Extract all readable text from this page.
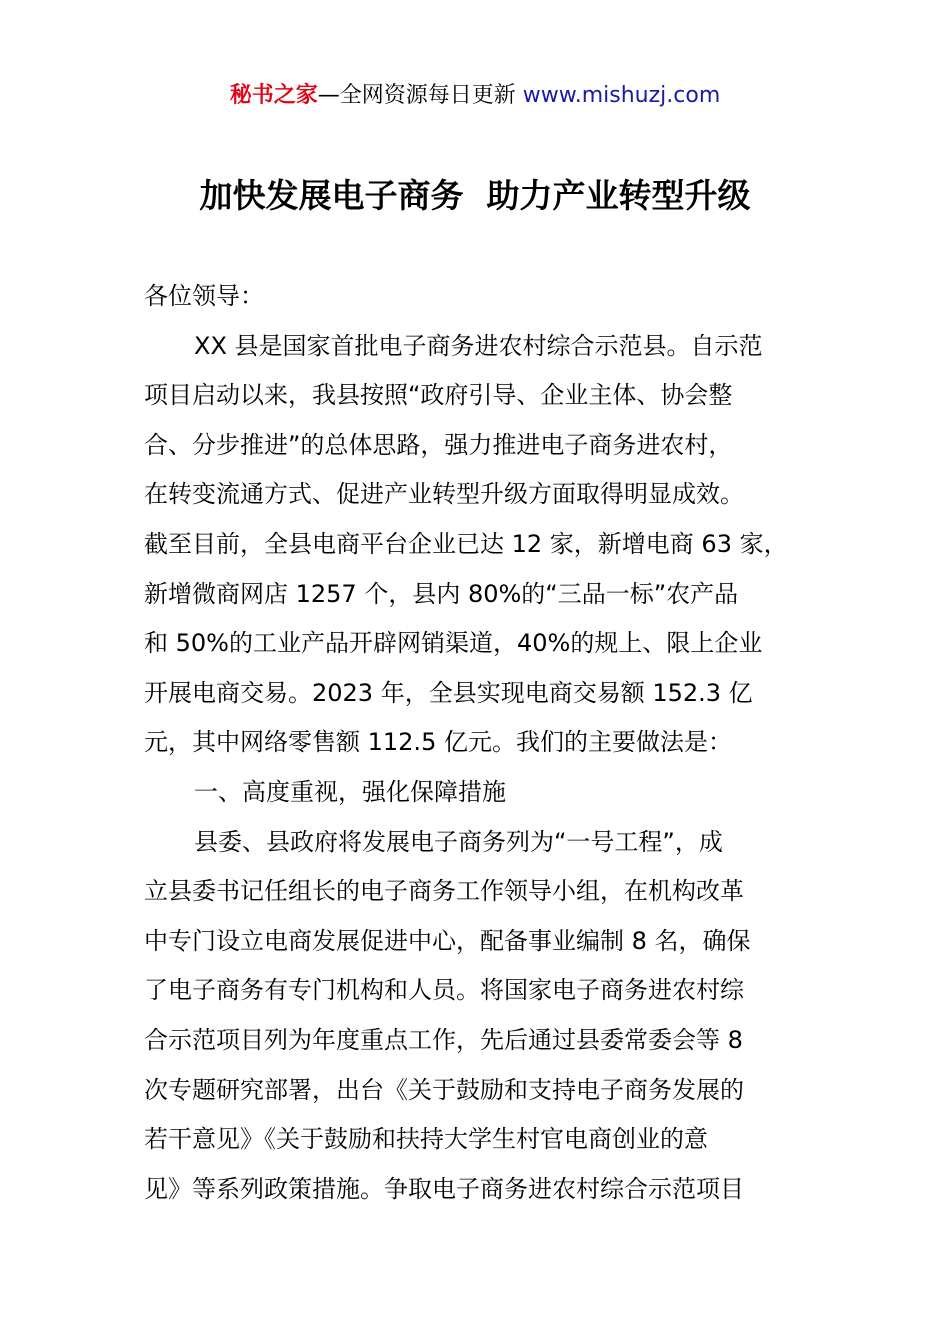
秘书之家—全网资源每日更新 www.mishuzj.com
加快发展电子商务  助力产业转型升级
各位领导：
XX 县是国家首批电子商务进农村综合示范县。自示范
项目启动以来，我县按照“政府引导、企业主体、协会整
合、分步推进”的总体思路，强力推进电子商务进农村，
在转变流通方式、促进产业转型升级方面取得明显成效。
截至目前，全县电商平台企业已达 12 家，新增电商 63 家，
新增微商网店 1257 个，县内 80%的“三品一标”农产品
和 50%的工业产品开辟网销渠道，40%的规上、限上企业
开展电商交易。2023 年，全县实现电商交易额 152.3 亿
元，其中网络零售额 112.5 亿元。我们的主要做法是：
一、高度重视，强化保障措施
县委、县政府将发展电子商务列为“一号工程”，成
立县委书记任组长的电子商务工作领导小组，在机构改革
中专门设立电商发展促进中心，配备事业编制 8 名，确保
了电子商务有专门机构和人员。将国家电子商务进农村综
合示范项目列为年度重点工作，先后通过县委常委会等 8
次专题研究部署，出台《关于鼓励和支持电子商务发展的
若干意见》《关于鼓励和扶持大学生村官电商创业的意
见》等系列政策措施。争取电子商务进农村综合示范项目
